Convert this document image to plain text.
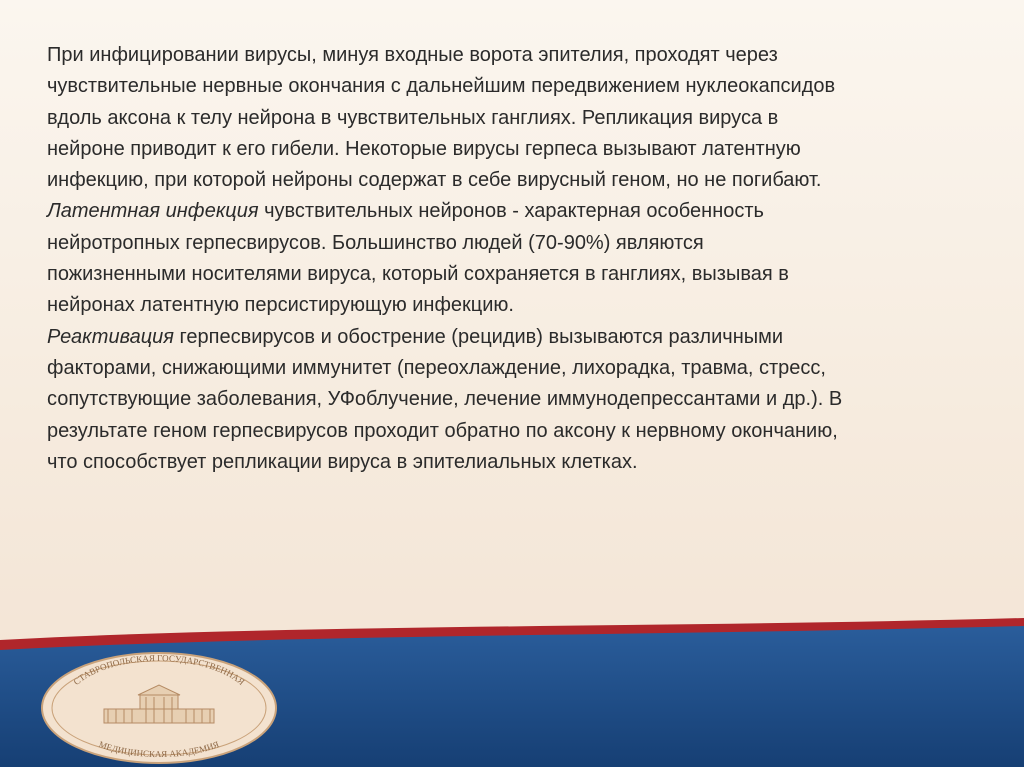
При инфицировании вирусы, минуя входные ворота эпителия, проходят через чувствительные нервные окончания с дальнейшим передвижением нуклеокапсидов вдоль аксона к телу нейрона в чувствительных ганглиях. Репликация вируса в нейроне приводит к его гибели. Некоторые вирусы герпеса вызывают латентную инфекцию, при которой нейроны содержат в себе вирусный геном, но не погибают.

Латентная инфекция чувствительных нейронов - характерная особенность нейротропных герпесвирусов. Большинство людей (70-90%) являются пожизненными носителями вируса, который сохраняется в ганглиях, вызывая в нейронах латентную персистирующую инфекцию.

Реактивация герпесвирусов и обострение (рецидив) вызываются различными факторами, снижающими иммунитет (переохлаждение, лихорадка, травма, стресс, сопутствующие заболевания, УФоблучение, лечение иммунодепрессантами и др.). В результате геном герпесвирусов проходит обратно по аксону к нервному окончанию, что способствует репликации вируса в эпителиальных клетках.

СТАВРОПОЛЬСКАЯ ГОСУДАРСТВЕННАЯ
МЕДИЦИНСКАЯ АКАДЕМИЯ
